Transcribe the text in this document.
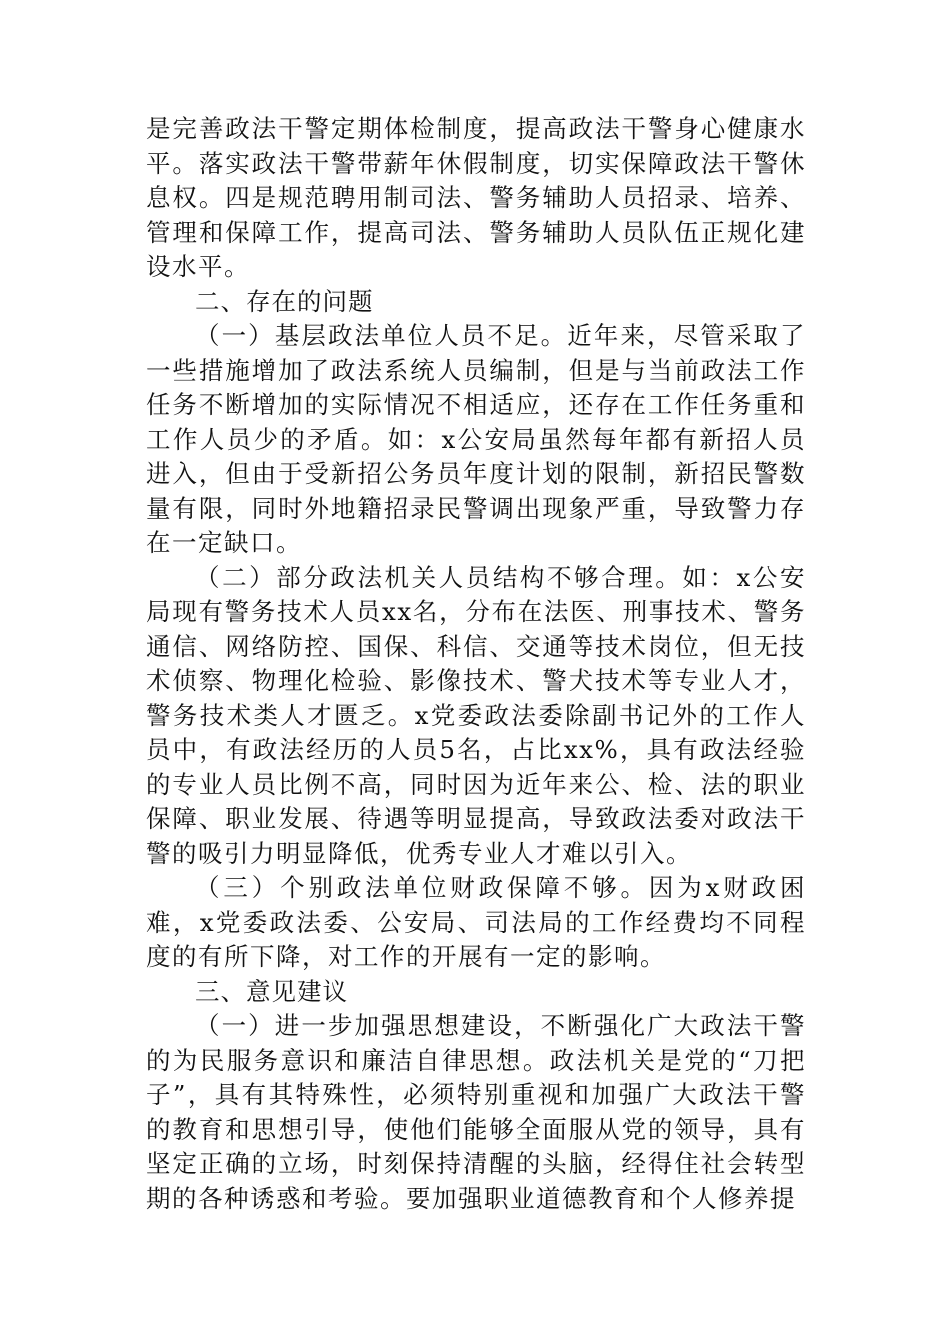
是完善政法干警定期体检制度，提高政法干警身心健康水平。落实政法干警带薪年休假制度，切实保障政法干警休息权。四是规范聘用制司法、警务辅助人员招录、培养、管理和保障工作，提高司法、警务辅助人员队伍正规化建设水平。

二、存在的问题

（一）基层政法单位人员不足。近年来，尽管采取了一些措施增加了政法系统人员编制，但是与当前政法工作任务不断增加的实际情况不相适应，还存在工作任务重和工作人员少的矛盾。如：x公安局虽然每年都有新招人员进入，但由于受新招公务员年度计划的限制，新招民警数量有限，同时外地籍招录民警调出现象严重，导致警力存在一定缺口。

（二）部分政法机关人员结构不够合理。如：x公安局现有警务技术人员xx名，分布在法医、刑事技术、警务通信、网络防控、国保、科信、交通等技术岗位，但无技术侦察、物理化检验、影像技术、警犬技术等专业人才，警务技术类人才匮乏。x党委政法委除副书记外的工作人员中，有政法经历的人员5名，占比xx%，具有政法经验的专业人员比例不高，同时因为近年来公、检、法的职业保障、职业发展、待遇等明显提高，导致政法委对政法干警的吸引力明显降低，优秀专业人才难以引入。

（三）个别政法单位财政保障不够。因为x财政困难，x党委政法委、公安局、司法局的工作经费均不同程度的有所下降，对工作的开展有一定的影响。

三、意见建议

（一）进一步加强思想建设，不断强化广大政法干警的为民服务意识和廉洁自律思想。政法机关是党的“刀把子”，具有其特殊性，必须特别重视和加强广大政法干警的教育和思想引导，使他们能够全面服从党的领导，具有坚定正确的立场，时刻保持清醒的头脑，经得住社会转型期的各种诱惑和考验。要加强职业道德教育和个人修养提
